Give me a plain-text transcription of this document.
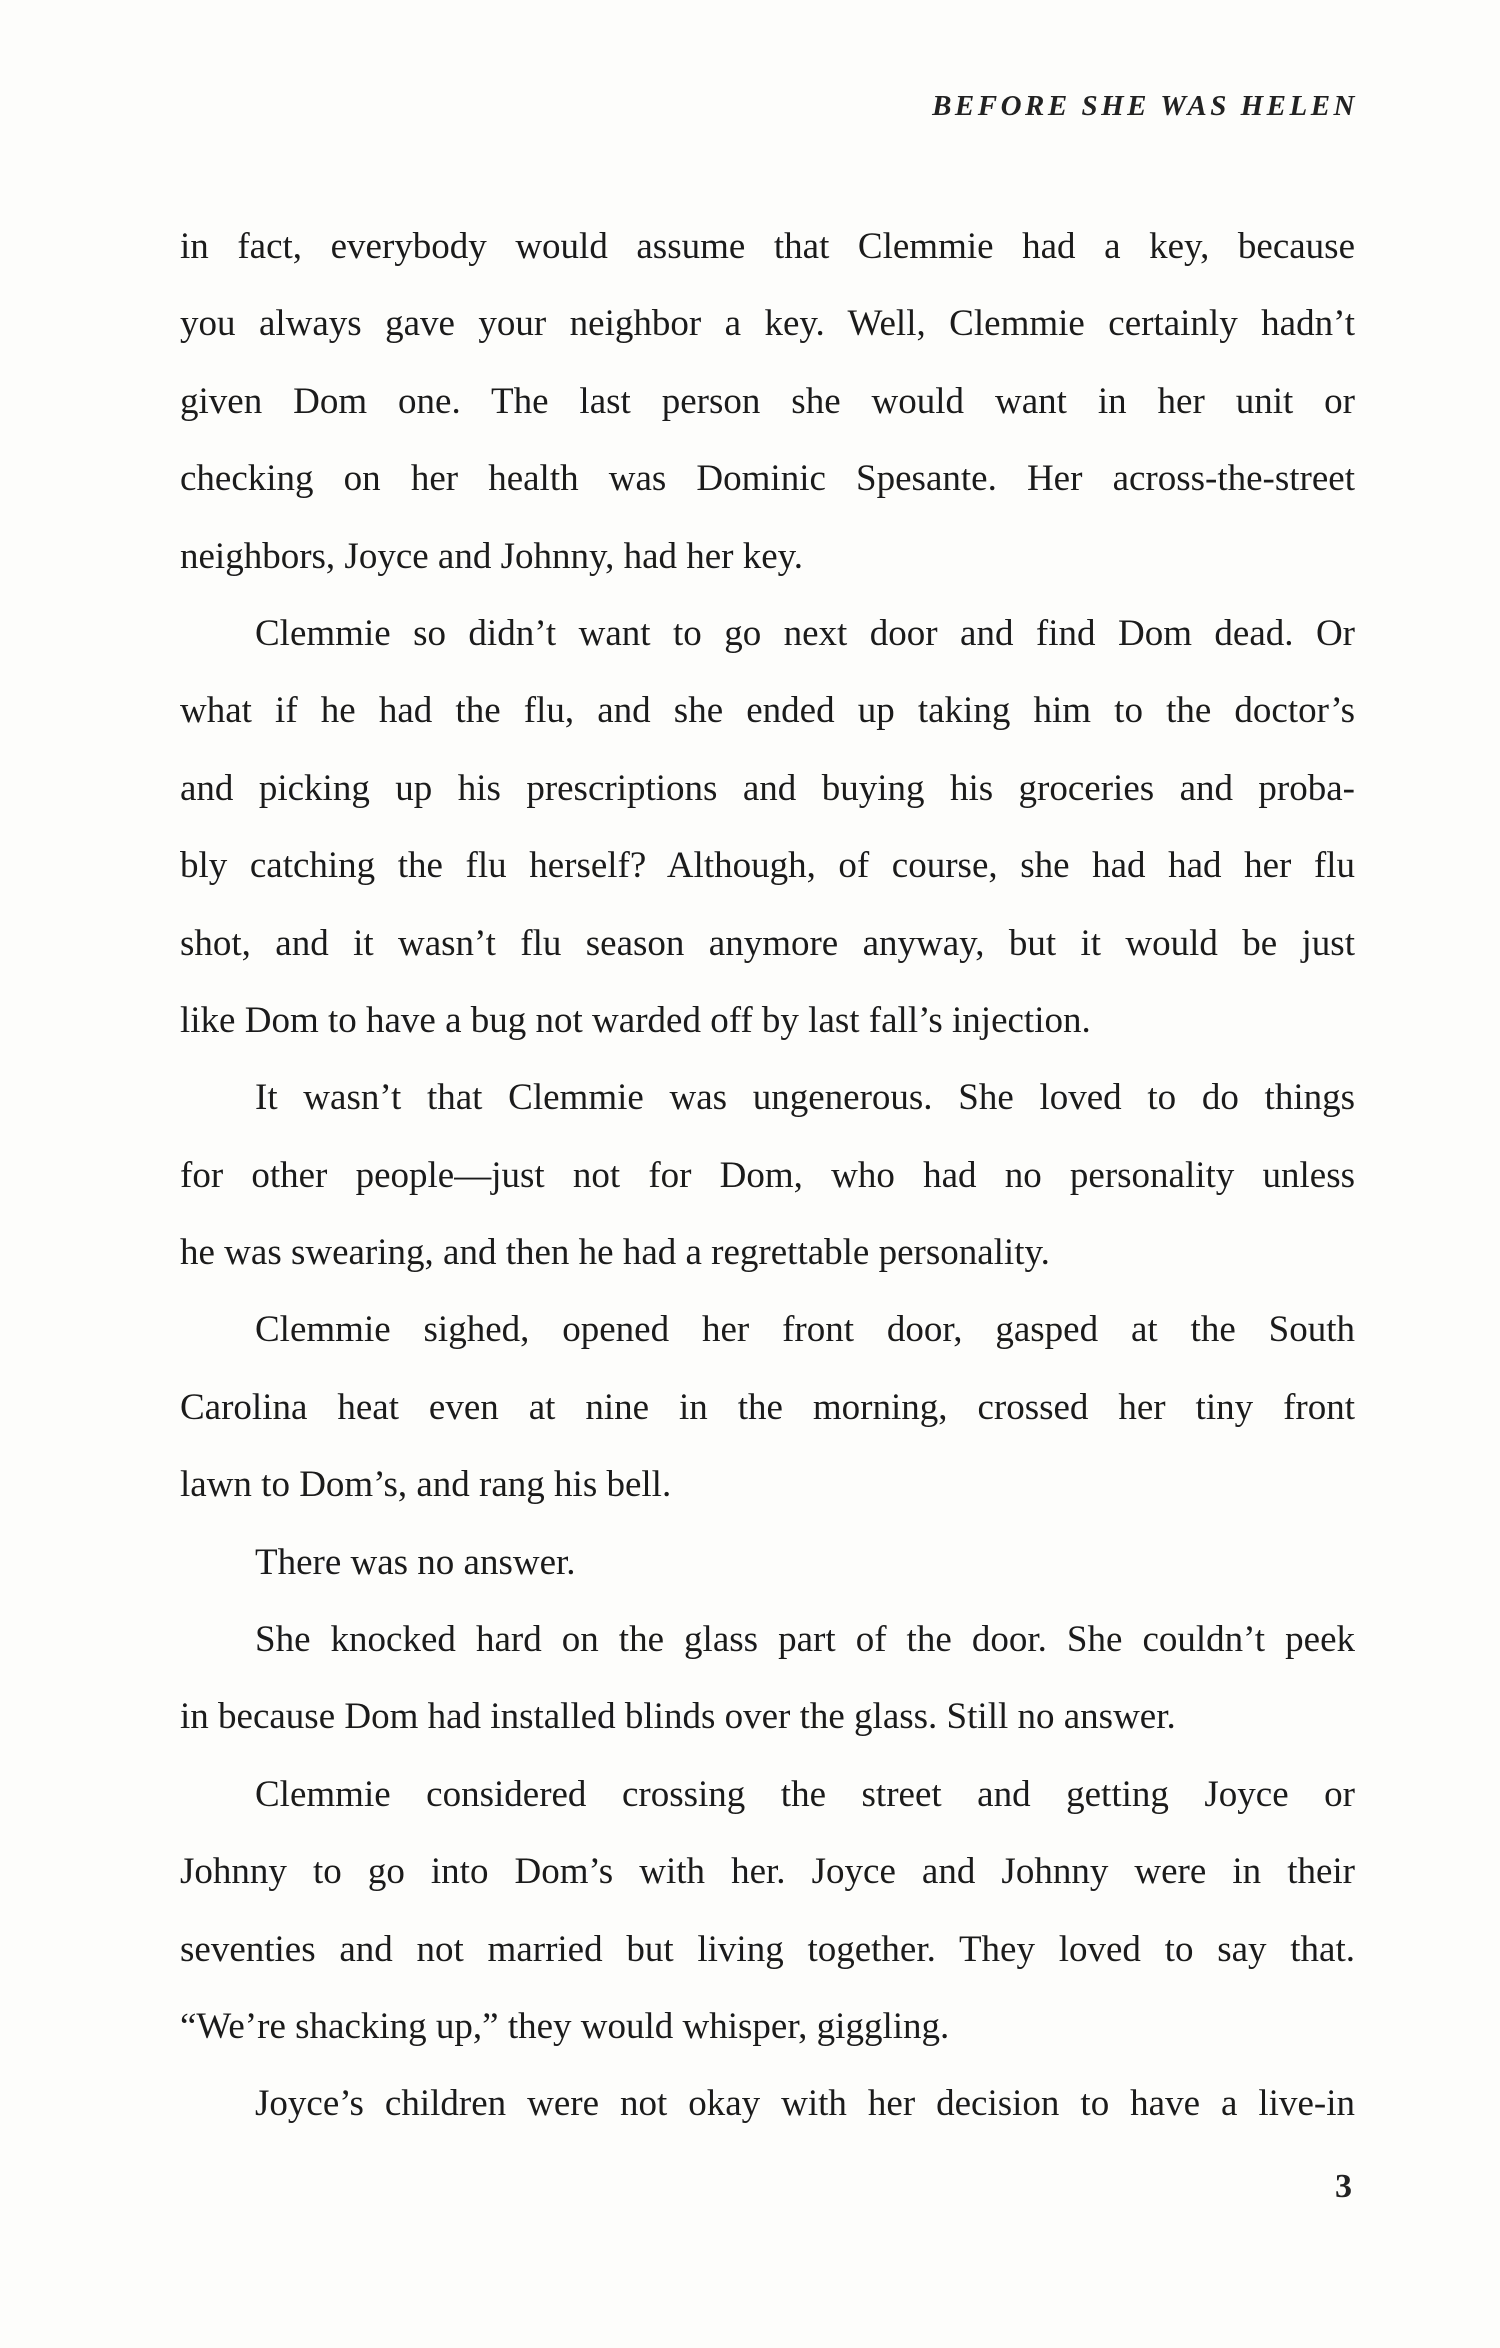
BEFORE SHE WAS HELEN
in fact, everybody would assume that Clemmie had a key, because
you always gave your neighbor a key. Well, Clemmie certainly hadn’t
given Dom one. The last person she would want in her unit or
checking on her health was Dominic Spesante. Her across-the-street
neighbors, Joyce and Johnny, had her key.
Clemmie so didn’t want to go next door and find Dom dead. Or
what if he had the flu, and she ended up taking him to the doctor’s
and picking up his prescriptions and buying his groceries and proba-
bly catching the flu herself? Although, of course, she had had her flu
shot, and it wasn’t flu season anymore anyway, but it would be just
like Dom to have a bug not warded off by last fall’s injection.
It wasn’t that Clemmie was ungenerous. She loved to do things
for other people—just not for Dom, who had no personality unless
he was swearing, and then he had a regrettable personality.
Clemmie sighed, opened her front door, gasped at the South
Carolina heat even at nine in the morning, crossed her tiny front
lawn to Dom’s, and rang his bell.
There was no answer.
She knocked hard on the glass part of the door. She couldn’t peek
in because Dom had installed blinds over the glass. Still no answer.
Clemmie considered crossing the street and getting Joyce or
Johnny to go into Dom’s with her. Joyce and Johnny were in their
seventies and not married but living together. They loved to say that.
“We’re shacking up,” they would whisper, giggling.
Joyce’s children were not okay with her decision to have a live-in
3
